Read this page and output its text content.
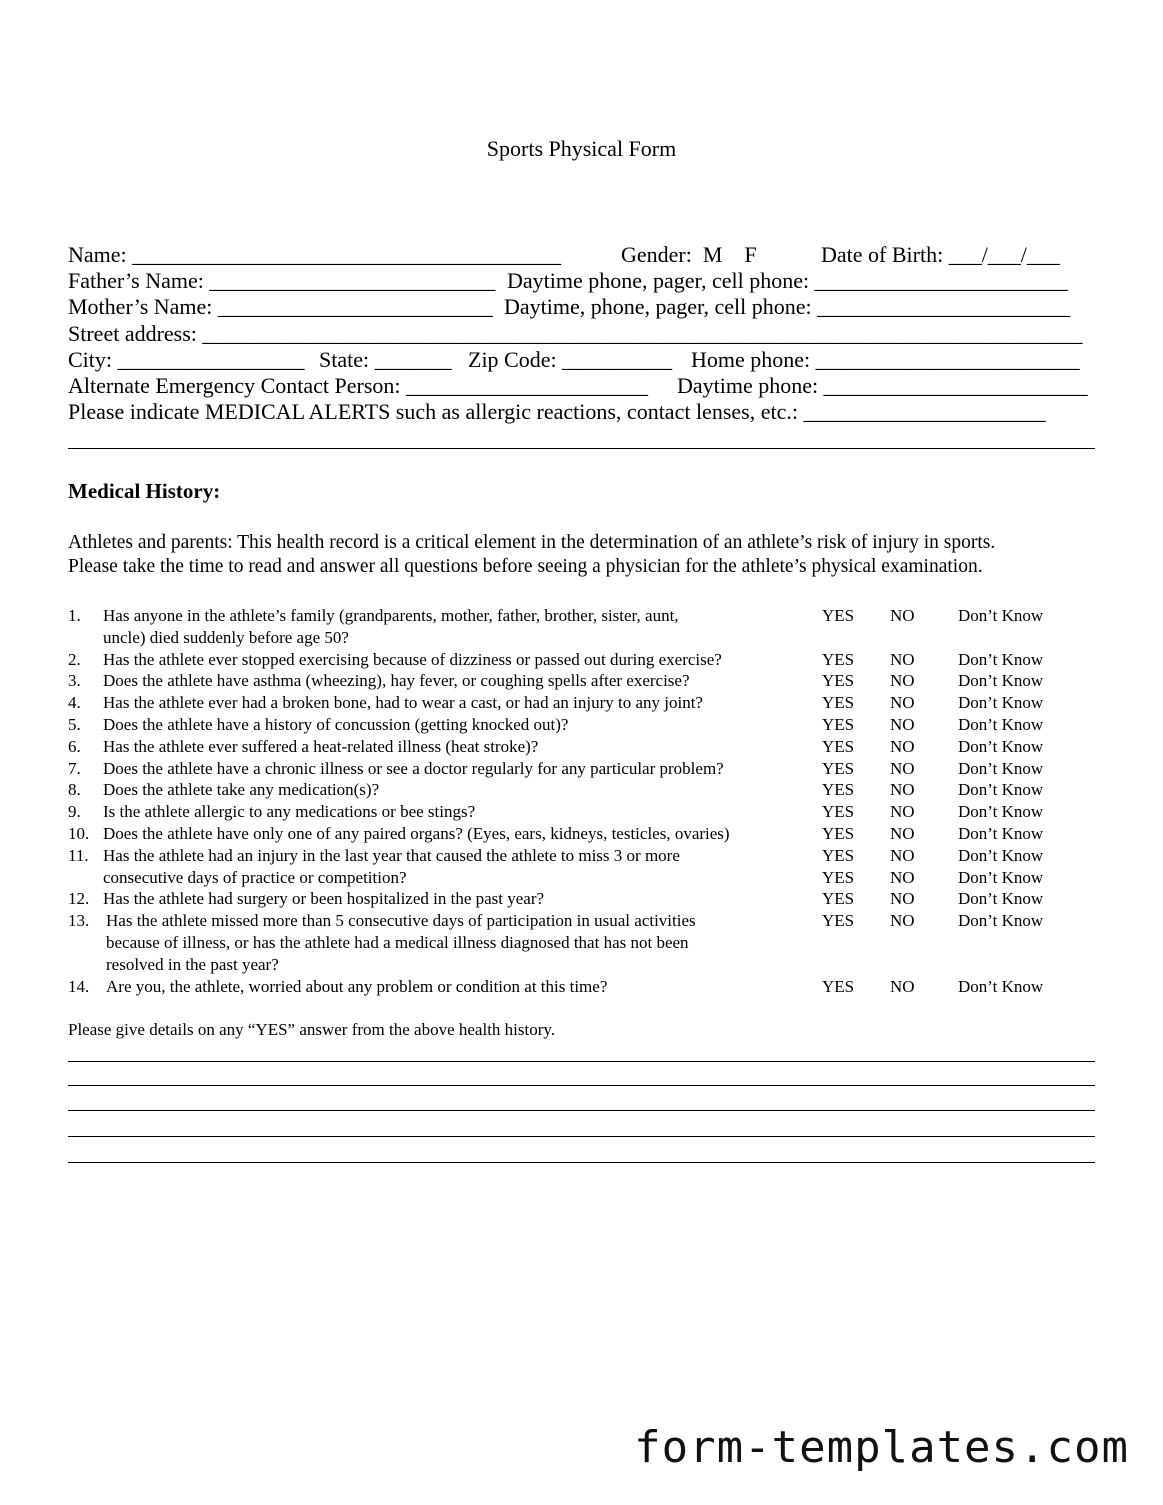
Sports Physical Form
Name: _______________________________________	Gender:  M    F	Date of Birth: ___/___/___
Father’s Name: __________________________ Daytime phone, pager, cell phone: _______________________
Mother’s Name: _________________________ Daytime, phone, pager, cell phone: _______________________
Street address: ________________________________________________________________________________
City: _________________ State: _______ Zip Code: __________ Home phone: ________________________
Alternate Emergency Contact Person: ______________________ Daytime phone: ________________________
Please indicate MEDICAL ALERTS such as allergic reactions, contact lenses, etc.: ______________________
Medical History:
Athletes and parents: This health record is a critical element in the determination of an athlete’s risk of injury in sports.
Please take the time to read and answer all questions before seeing a physician for the athlete’s physical examination.
1. Has anyone in the athlete’s family (grandparents, mother, father, brother, sister, aunt,
uncle) died suddenly before age 50?
YES NO	Don’t Know
2. Has the athlete ever stopped exercising because of dizziness or passed out during exercise?	YES NO	Don’t Know
3. Does the athlete have asthma (wheezing), hay fever, or coughing spells after exercise?	YES NO	Don’t Know
4. Has the athlete ever had a broken bone, had to wear a cast, or had an injury to any joint?	YES NO	Don’t Know
5. Does the athlete have a history of concussion (getting knocked out)?	YES NO	Don’t Know
6. Has the athlete ever suffered a heat-related illness (heat stroke)?	YES NO	Don’t Know
7. Does the athlete have a chronic illness or see a doctor regularly for any particular problem?	YES NO	Don’t Know
8. Does the athlete take any medication(s)?	YES NO	Don’t Know
9. Is the athlete allergic to any medications or bee stings?	YES NO	Don’t Know
10. Does the athlete have only one of any paired organs? (Eyes, ears, kidneys, testicles, ovaries)	YES NO	Don’t Know
11. Has the athlete had an injury in the last year that caused the athlete to miss 3 or more
consecutive days of practice or competition?
YES NO	Don’t Know
YES NO	Don’t Know
12. Has the athlete had surgery or been hospitalized in the past year?	YES NO	Don’t Know
13. Has the athlete missed more than 5 consecutive days of participation in usual activities
because of illness, or has the athlete had a medical illness diagnosed that has not been
resolved in the past year?
YES NO	Don’t Know
14. Are you, the athlete, worried about any problem or condition at this time?	YES NO	Don’t Know
Please give details on any “YES” answer from the above health history.
form-templates.com
